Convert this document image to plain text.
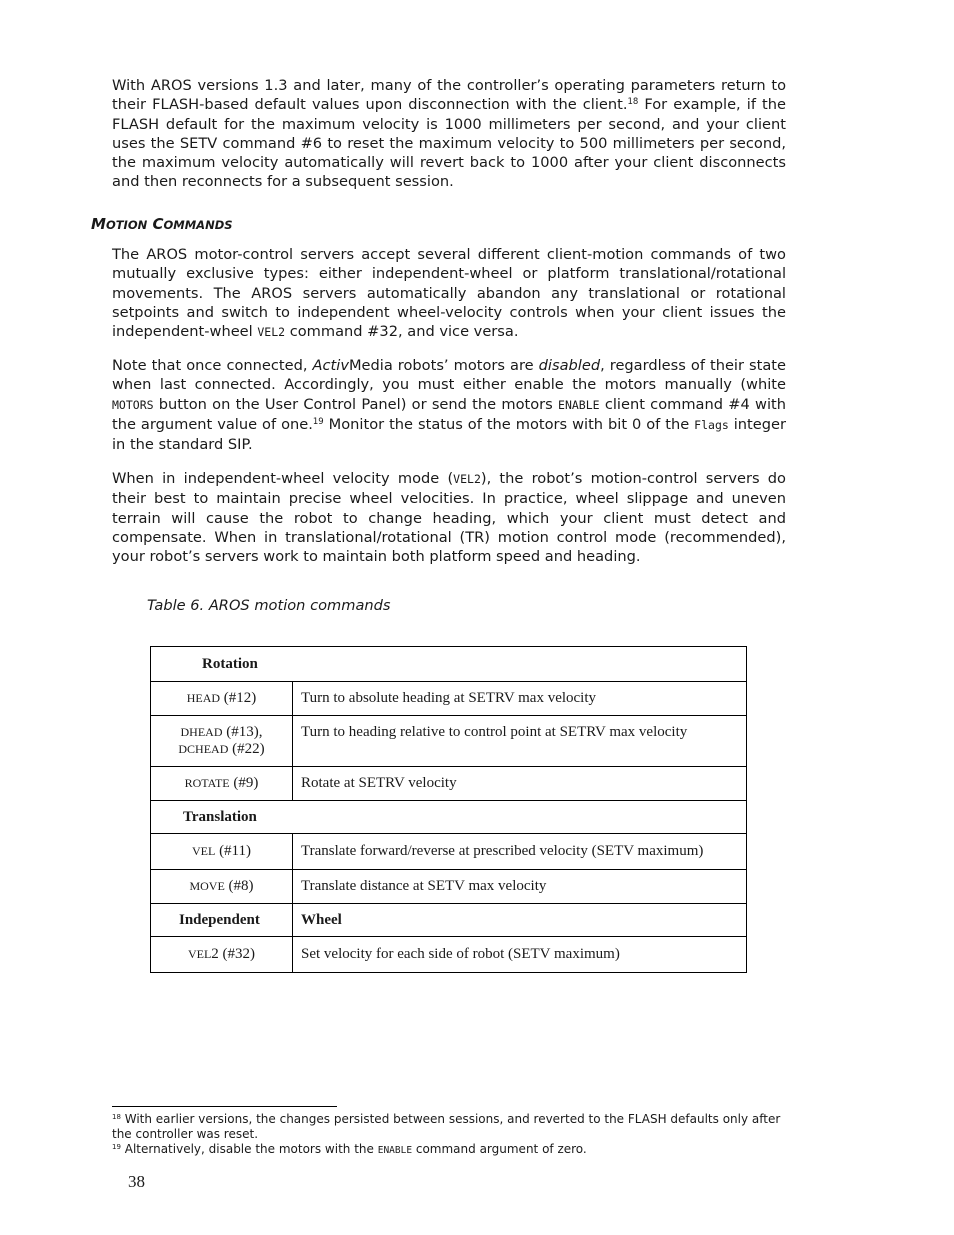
With AROS versions 1.3 and later, many of the controller’s operating parameters return to their FLASH-based default values upon disconnection with the client.$^{18}$ For example, if the FLASH default for the maximum velocity is 1000 millimeters per second, and your client uses the SETV command #6 to reset the maximum velocity to 500 millimeters per second, the maximum velocity automatically will revert back to 1000 after your client disconnects and then reconnects for a subsequent session.

MOTION COMMANDS

The AROS motor-control servers accept several different client-motion commands of two mutually exclusive types: either independent-wheel or platform translational/rotational movements. The AROS servers automatically abandon any translational or rotational setpoints and switch to independent wheel-velocity controls when your client issues the independent-wheel VEL2 command #32, and vice versa.

Note that once connected, ActivMedia robots’ motors are disabled, regardless of their state when last connected. Accordingly, you must either enable the motors manually (white MOTORS button on the User Control Panel) or send the motors ENABLE client command #4 with the argument value of one.$^{19}$ Monitor the status of the motors with bit 0 of the Flags integer in the standard SIP.

When in independent-wheel velocity mode (VEL2), the robot’s motion-control servers do their best to maintain precise wheel velocities. In practice, wheel slippage and uneven terrain will cause the robot to change heading, which your client must detect and compensate. When in translational/rotational (TR) motion control mode (recommended), your robot’s servers work to maintain both platform speed and heading.

Table 6. AROS motion commands

Rotation	
HEAD (#12)	Turn to absolute heading at SETRV max velocity
DHEAD (#13),
DCHEAD (#22)	Turn to heading relative to control point at SETRV max velocity
ROTATE (#9)	Rotate at SETRV velocity
Translation	
VEL (#11)	Translate forward/reverse at prescribed velocity (SETV maximum)
MOVE (#8)	Translate distance at SETV max velocity
Independent	Wheel
VEL2 (#32)	Set velocity for each side of robot (SETV maximum)

$^{18}$ With earlier versions, the changes persisted between sessions, and reverted to the FLASH defaults only after the controller was reset.

$^{19}$ Alternatively, disable the motors with the ENABLE command argument of zero.

38
